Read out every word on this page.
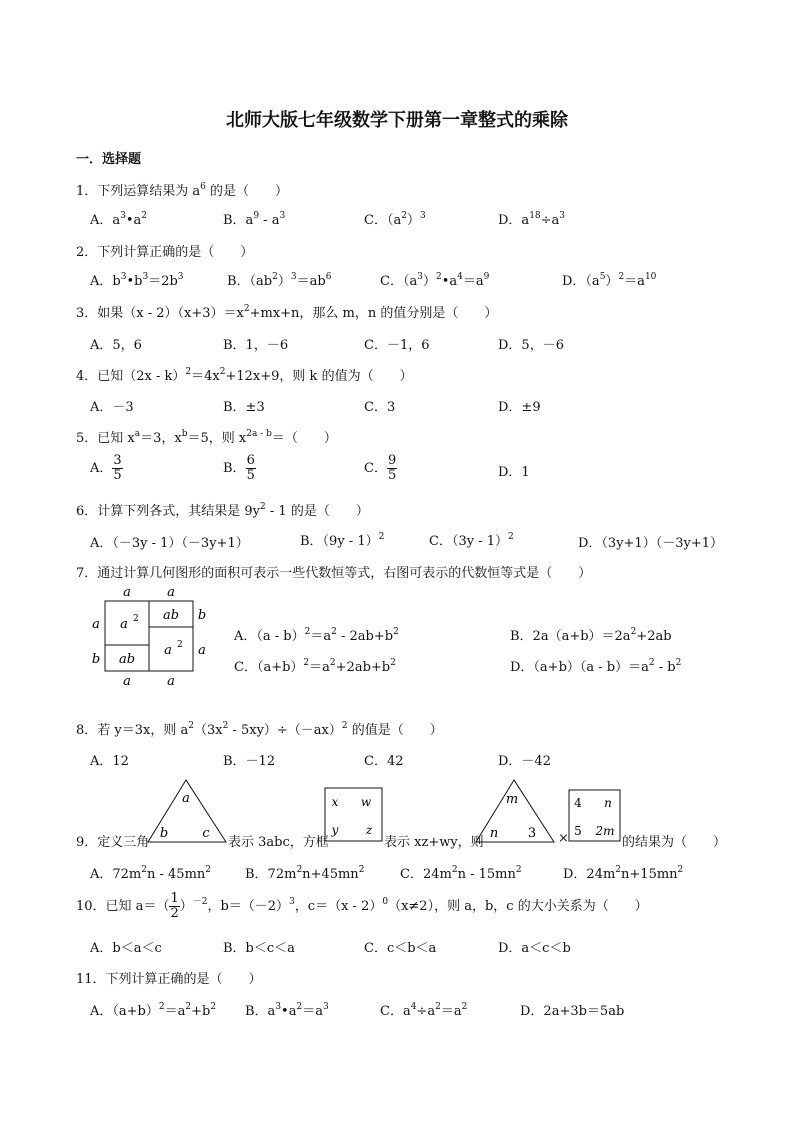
北师大版七年级数学下册第一章整式的乘除
一．选择题
1．下列运算结果为 $a^6$ 的是（　　）
A．$a^3•a^2$	B．$a^9 - a^3$	C．$(a^2)^3$	D．$a^{18}\div a^3$
2．下列计算正确的是（　　）
A．$b^3•b^3=2b^3$	B．$(ab^2)^3=ab^6$	C．$(a^3)^2•a^4=a^9$	D．$(a^5)^2=a^{10}$
3．如果$(x - 2)(x+3)=x^2+mx+n$，那么 m，n 的值分别是（　　）
A．5，6	B．1，－6	C．－1，6	D．5，－6
4．已知$(2x - k)^2=4x^2+12x+9$，则 k 的值为（　　）
A．－3	B．±3	C．3	D．±9
5．已知 $x^a=3$，$x^b=5$，则 $x^{2a - b}=$（　　）
A． $\frac{3}{5}$	B． $\frac{6}{5}$	C． $\frac{9}{5}$	D．1
6．计算下列各式，其结果是 $9y^2 - 1$ 的是（　　）
A．（－3y - 1）（－3y+1）	B．（9y - 1）$^2$	C．（3y - 1）$^2$	D．（3y+1）（－3y+1）
7．通过计算几何图形的面积可表示一些代数恒等式，右图可表示的代数恒等式是（　　）
a	a
a	a
a
b
b
a
a 2 ab
ab
a 2
A．$(a - b)^2=a^2 - 2ab+b^2$	B．$2a(a+b)=2a^2+2ab$
C．$(a+b)^2=a^2+2ab+b^2$	D．$(a+b)(a - b)=a^2 - b^2$
8．若 y＝3x，则 $a^2(3x^2 - 5xy)\div(-ax)^2$ 的值是（　　）
A．12	B．－12	C．42	D．－42
9．定义三角
a
b	c
表示 3abc，方框
x w
y z
表示 xz+wy，则
m
n 3 ×
4 n
5 2m
的结果为（　　）
A．$72m^2n - 45mn^2$	B．$72m^2n+45mn^2$	C．$24m^2n - 15mn^2$	D．$24m^2n+15mn^2$
10．已知 $a=( \frac{1}{2} )^{-2}$，$b=(-2)^3$，c＝（x - 2）$^0$（x≠2），则 a，b，c 的大小关系为（　　）
A．b＜a＜c	B．b＜c＜a	C．c＜b＜a	D．a＜c＜b
11．下列计算正确的是（　　）
A．$(a+b)^2=a^2+b^2$ B．$a^3•a^2=a^3$	C．$a^4\div a^2=a^2$	D．2a+3b＝5ab
